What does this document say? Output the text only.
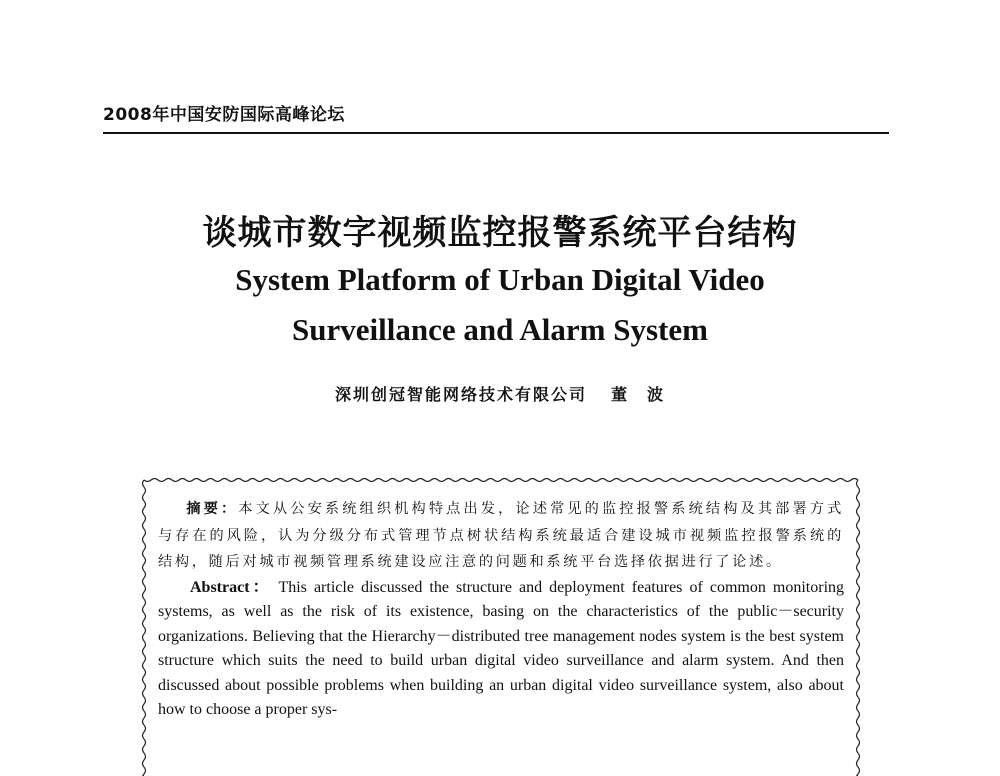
2008年中国安防国际高峰论坛
谈城市数字视频监控报警系统平台结构
System Platform of Urban Digital Video Surveillance and Alarm System
深圳创冠智能网络技术有限公司 董　波

摘要：本文从公安系统组织机构特点出发，论述常见的监控报警系统结构及其部署方式与存在的风险，认为分级分布式管理节点树状结构系统最适合建设城市视频监控报警系统的结构，随后对城市视频管理系统建设应注意的问题和系统平台选择依据进行了论述。

Abstract： This article discussed the structure and deployment features of common monitoring systems, as well as the risk of its existence, basing on the characteristics of the public－security organizations. Believing that the Hierarchy－distributed tree management nodes system is the best system structure which suits the need to build urban digital video surveillance and alarm system. And then discussed about possible problems when building an urban digital video surveillance system, also about how to choose a proper sys-
